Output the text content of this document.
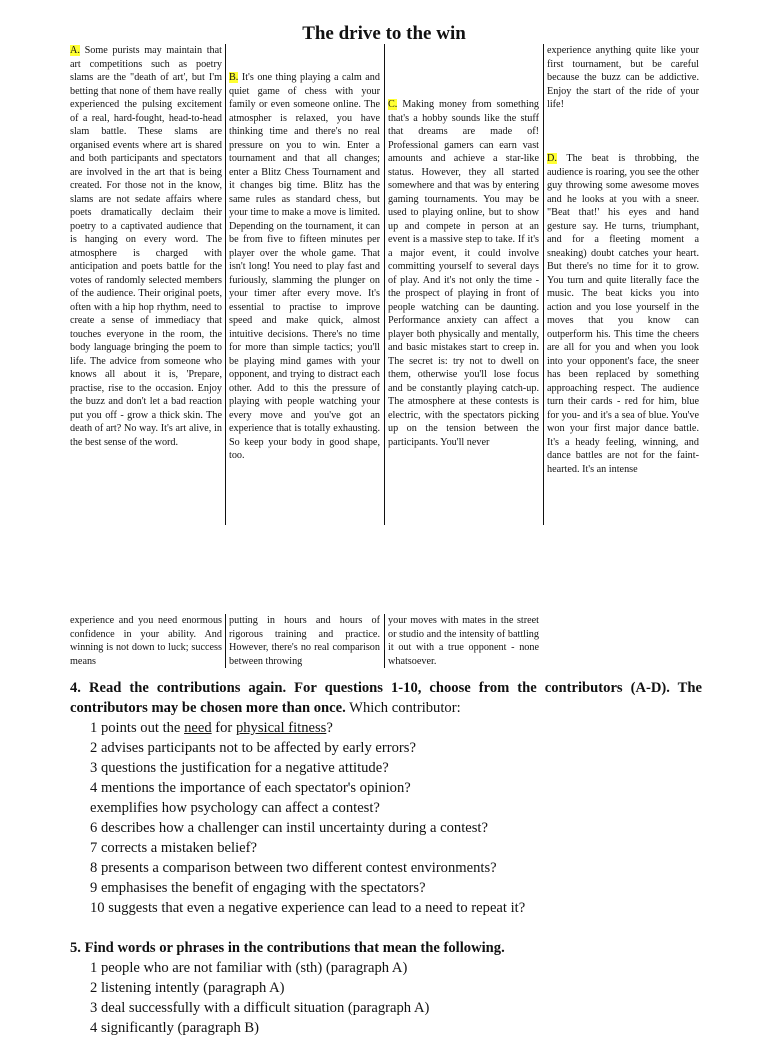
The drive to the win
A. Some purists may maintain that art competitions such as poetry slams are the "death of art', but I'm betting that none of them have really experienced the pulsing excitement of a real, hard-fought, head-to-head slam battle. These slams are organised events where art is shared and both participants and spectators are involved in the art that is being created. For those not in the know, slams are not sedate affairs where poets dramatically declaim their poetry to a captivated audience that is hanging on every word. The atmosphere is charged with anticipation and poets battle for the votes of randomly selected members of the audience. Their original poets, often with a hip hop rhythm, need to create a sense of immediacy that touches everyone in the room, the body language bringing the poem to life. The advice from someone who knows all about it is, 'Prepare, practise, rise to the occasion. Enjoy the buzz and don't let a bad reaction put you off - grow a thick skin. The death of art? No way. It's art alive, in the best sense of the word.
B. It's one thing playing a calm and quiet game of chess with your family or even someone online. The atmospher is relaxed, you have thinking time and there's no real pressure on you to win. Enter a tournament and that all changes; enter a Blitz Chess Tournament and it changes big time. Blitz has the same rules as standard chess, but your time to make a move is limited. Depending on the tournament, it can be from five to fifteen minutes per player over the whole game. That isn't long! You need to play fast and furiously, slamming the plunger on your timer after every move. It's essential to practise to improve speed and make quick, almost intuitive decisions. There's no time for more than simple tactics; you'll be playing mind games with your opponent, and trying to distract each other. Add to this the pressure of playing with people watching your every move and you've got an experience that is totally exhausting. So keep your body in good shape, too.
C. Making money from something that's a hobby sounds like the stuff that dreams are made of! Professional gamers can earn vast amounts and achieve a star-like status. However, they all started somewhere and that was by entering gaming tournaments. You may be used to playing online, but to show up and compete in person at an event is a massive step to take. If it's a major event, it could involve committing yourself to several days of play. And it's not only the time - the prospect of playing in front of people watching can be daunting. Performance anxiety can affect a player both physically and mentally, and basic mistakes start to creep in. The secret is: try not to dwell on them, otherwise you'll lose focus and be constantly playing catch-up. The atmosphere at these contests is electric, with the spectators picking up on the tension between the participants. You'll never
experience anything quite like your first tournament, but be careful because the buzz can be addictive. Enjoy the start of the ride of your life!
D. The beat is throbbing, the audience is roaring, you see the other guy throwing some awesome moves and he looks at you with a sneer. "Beat that!' his eyes and hand gesture say. He turns, triumphant, and for a fleeting moment a sneaking) doubt catches your heart. But there's no time for it to grow. You turn and quite literally face the music. The beat kicks you into action and you lose yourself in the moves that you know can outperform his. This time the cheers are all for you and when you look into your opponent's face, the sneer has been replaced by something approaching respect. The audience turn their cards - red for him, blue for you- and it's a sea of blue. You've won your first major dance battle. It's a heady feeling, winning, and dance battles are not for the faint-hearted. It's an intense
experience and you need enormous confidence in your ability. And winning is not down to luck; success means
putting in hours and hours of rigorous training and practice. However, there's no real comparison between throwing
your moves with mates in the street or studio and the intensity of battling it out with a true opponent - none whatsoever.
4. Read the contributions again. For questions 1-10, choose from the contributors (A-D). The contributors may be chosen more than once. Which contributor:
1 points out the need for physical fitness?
2 advises participants not to be affected by early errors?
3 questions the justification for a negative attitude?
4 mentions the importance of each spectator's opinion?
exemplifies how psychology can affect a contest?
6 describes how a challenger can instil uncertainty during a contest?
7 corrects a mistaken belief?
8 presents a comparison between two different contest environments?
9 emphasises the benefit of engaging with the spectators?
10 suggests that even a negative experience can lead to a need to repeat it?
5. Find words or phrases in the contributions that mean the following.
1 people who are not familiar with (sth) (paragraph A)
2 listening intently (paragraph A)
3 deal successfully with a difficult situation (paragraph A)
4 significantly (paragraph B)
